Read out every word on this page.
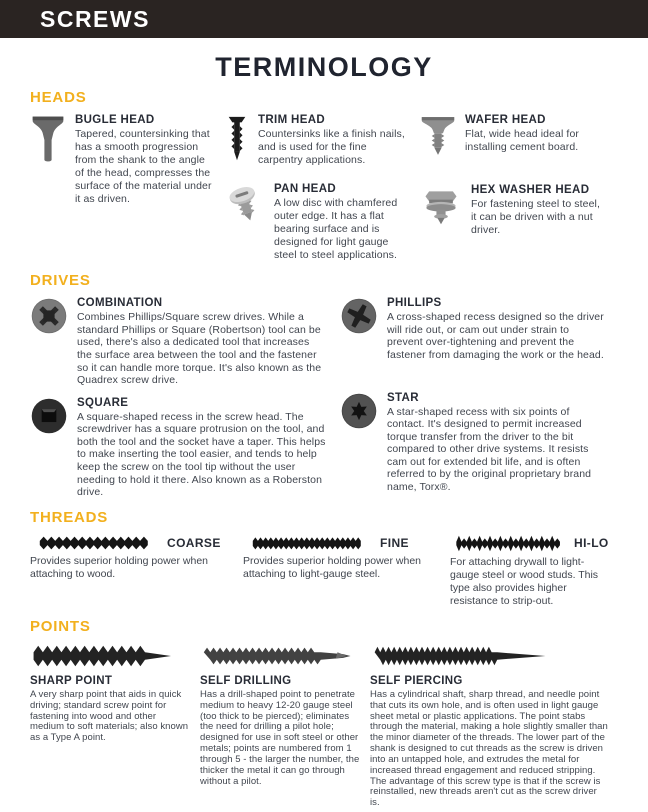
SCREWS
TERMINOLOGY
HEADS
BUGLE HEAD
Tapered, countersinking that has a smooth progression from the shank to the angle of the head, compresses the surface of the material under it as driven.
TRIM HEAD
Countersinks like a finish nails, and is used for the fine carpentry applications.
PAN HEAD
A low disc with chamfered outer edge. It has a flat bearing surface and is designed for light gauge steel to steel applications.
WAFER HEAD
Flat, wide head ideal for installing cement board.
HEX WASHER HEAD
For fastening steel to steel, it can be driven with a nut driver.
DRIVES
COMBINATION
Combines Phillips/Square screw drives. While a standard Phillips or Square (Robertson) tool can be used, there's also a dedicated tool that increases the surface area between the tool and the fastener so it can handle more torque. It's also known as the Quadrex screw drive.
SQUARE
A square-shaped recess in the screw head. The screwdriver has a square protrusion on the tool, and both the tool and the socket have a taper. This helps to make inserting the tool easier, and tends to help keep the screw on the tool tip without the user needing to hold it there. Also known as a Roberston drive.
PHILLIPS
A cross-shaped recess designed so the driver will ride out, or cam out under strain to prevent over-tightening and prevent the fastener from damaging the work or the head.
STAR
A star-shaped recess with six points of contact. It's designed to permit increased torque transfer from the driver to the bit compared to other drive systems. It resists cam out for extended bit life, and is often referred to by the original proprietary brand name, Torx®.
THREADS
COARSE
Provides superior holding power when attaching to wood.
FINE
Provides superior holding power when attaching to light-gauge steel.
HI-LO
For attaching drywall to light-gauge steel or wood studs. This type also provides higher resistance to strip-out.
POINTS
SHARP POINT
A very sharp point that aids in quick driving; standard screw point for fastening into wood and other medium to soft materials; also known as a Type A point.
SELF DRILLING
Has a drill-shaped point to penetrate medium to heavy 12-20 gauge steel (too thick to be pierced); eliminates the need for drilling a pilot hole; designed for use in soft steel or other metals; points are numbered from 1 through 5 - the larger the number, the thicker the metal it can go through without a pilot.
SELF PIERCING
Has a cylindrical shaft, sharp thread, and needle point that cuts its own hole, and is often used in light gauge sheet metal or plastic applications. The point stabs through the material, making a hole slightly smaller than the minor diameter of the threads. The lower part of the shank is designed to cut threads as the screw is driven into an untapped hole, and extrudes the metal for increased thread engagement and reduced stripping. The advantage of this screw type is that if the screw is reinstalled, new threads aren't cut as the screw driver is.
